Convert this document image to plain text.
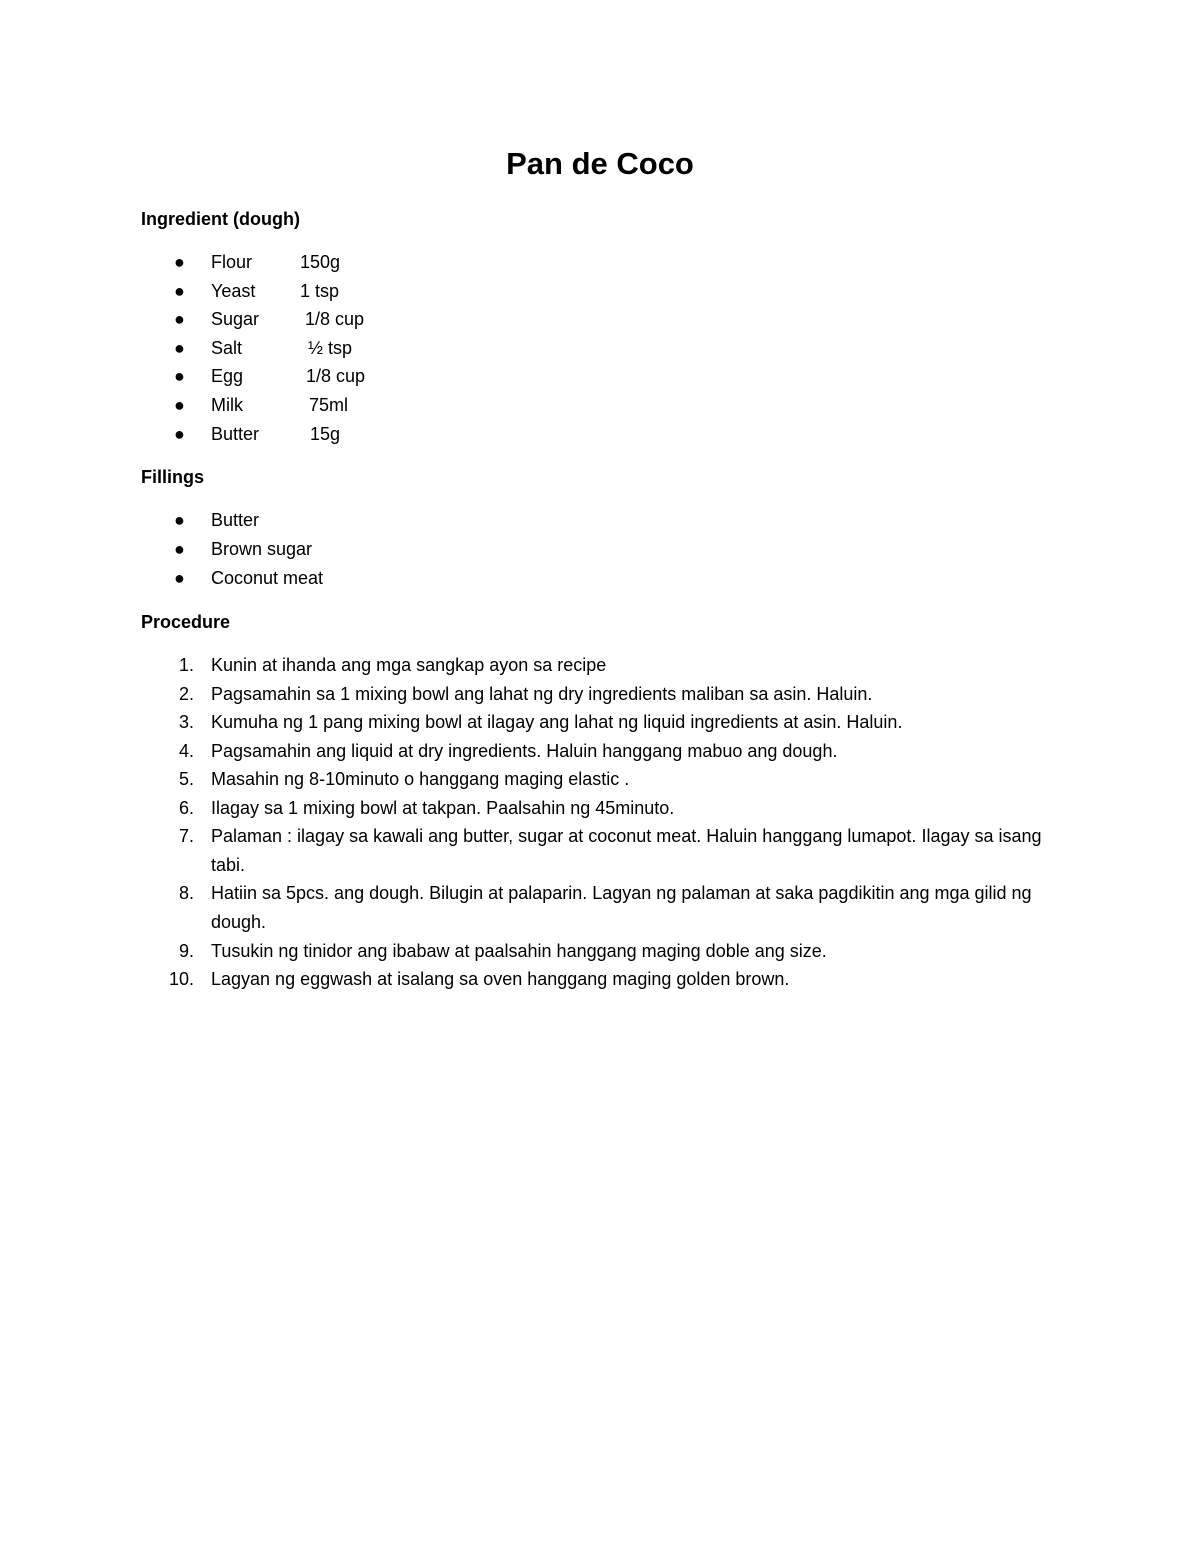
Pan de Coco
Ingredient (dough)
● Flour	150g
● Yeast 1 tsp
● Sugar	1/8 cup
● Salt	½ tsp
● Egg	1/8 cup
● Milk	75ml
● Butter	15g
Fillings
● Butter
● Brown sugar
● Coconut meat
Procedure
1. Kunin at ihanda ang mga sangkap ayon sa recipe
2. Pagsamahin sa 1 mixing bowl ang lahat ng dry ingredients maliban sa asin. Haluin.
3. Kumuha ng 1 pang mixing bowl at ilagay ang lahat ng liquid ingredients at asin. Haluin.
4. Pagsamahin ang liquid at dry ingredients. Haluin hanggang mabuo ang dough.
5. Masahin ng 8-10minuto o hanggang maging elastic .
6. Ilagay sa 1 mixing bowl at takpan. Paalsahin ng 45minuto.
7. Palaman : ilagay sa kawali ang butter, sugar at coconut meat. Haluin hanggang lumapot. Ilagay sa isang tabi.
8. Hatiin sa 5pcs. ang dough. Bilugin at palaparin. Lagyan ng palaman at saka pagdikitin ang mga gilid ng dough.
9. Tusukin ng tinidor ang ibabaw at paalsahin hanggang maging doble ang size.
10. Lagyan ng eggwash at isalang sa oven hanggang maging golden brown.
